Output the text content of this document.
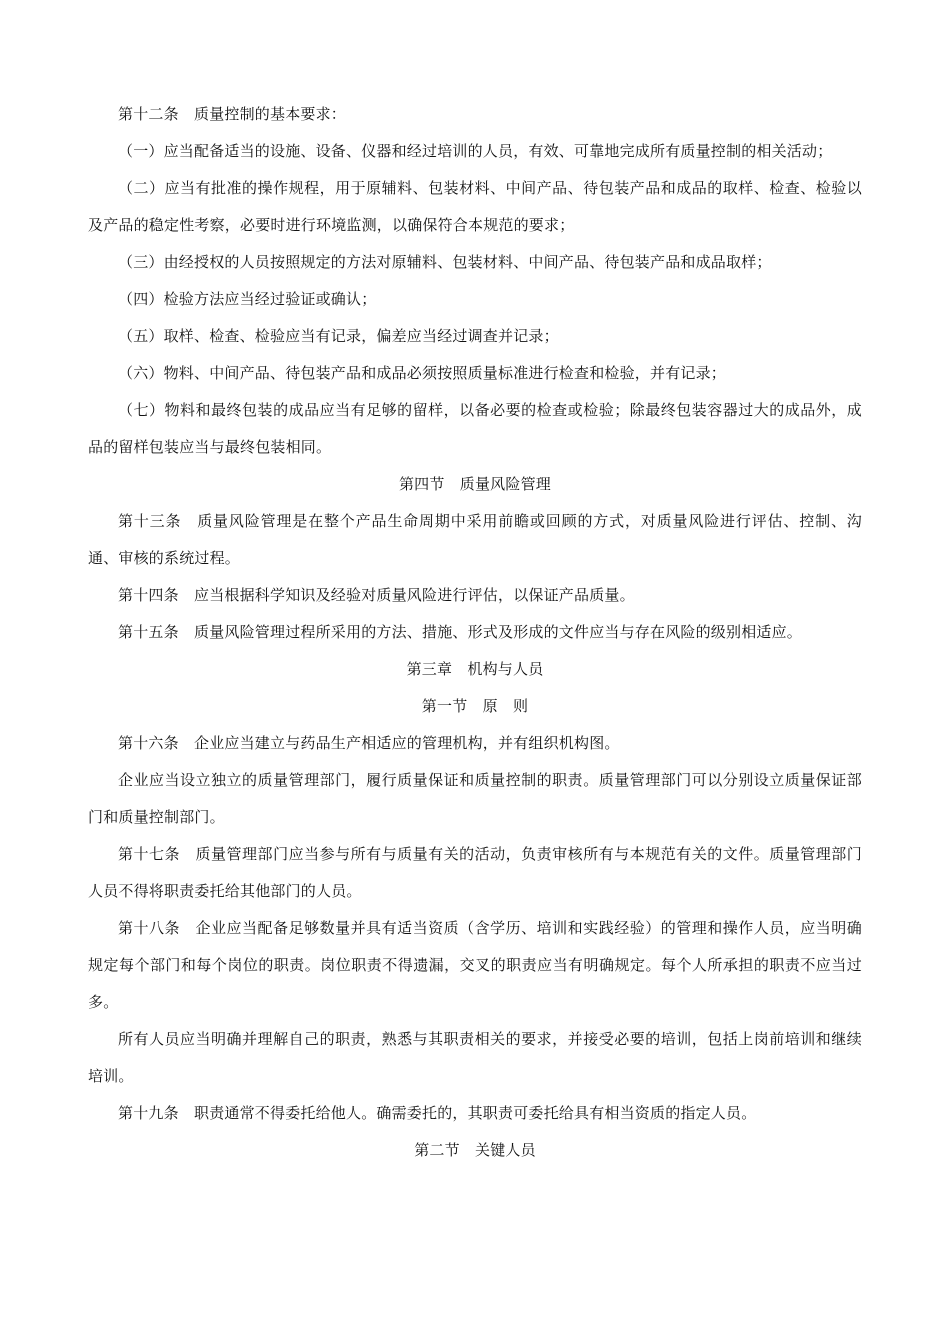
第十二条　质量控制的基本要求：

（一）应当配备适当的设施、设备、仪器和经过培训的人员，有效、可靠地完成所有质量控制的相关活动；

（二）应当有批准的操作规程，用于原辅料、包装材料、中间产品、待包装产品和成品的取样、检查、检验以及产品的稳定性考察，必要时进行环境监测，以确保符合本规范的要求；

（三）由经授权的人员按照规定的方法对原辅料、包装材料、中间产品、待包装产品和成品取样；

（四）检验方法应当经过验证或确认；

（五）取样、检查、检验应当有记录，偏差应当经过调查并记录；

（六）物料、中间产品、待包装产品和成品必须按照质量标准进行检查和检验，并有记录；

（七）物料和最终包装的成品应当有足够的留样，以备必要的检查或检验；除最终包装容器过大的成品外，成品的留样包装应当与最终包装相同。

第四节　质量风险管理

第十三条　质量风险管理是在整个产品生命周期中采用前瞻或回顾的方式，对质量风险进行评估、控制、沟通、审核的系统过程。

第十四条　应当根据科学知识及经验对质量风险进行评估，以保证产品质量。

第十五条　质量风险管理过程所采用的方法、措施、形式及形成的文件应当与存在风险的级别相适应。

第三章　机构与人员

第一节　原　则

第十六条　企业应当建立与药品生产相适应的管理机构，并有组织机构图。

企业应当设立独立的质量管理部门，履行质量保证和质量控制的职责。质量管理部门可以分别设立质量保证部门和质量控制部门。

第十七条　质量管理部门应当参与所有与质量有关的活动，负责审核所有与本规范有关的文件。质量管理部门人员不得将职责委托给其他部门的人员。

第十八条　企业应当配备足够数量并具有适当资质（含学历、培训和实践经验）的管理和操作人员，应当明确规定每个部门和每个岗位的职责。岗位职责不得遗漏，交叉的职责应当有明确规定。每个人所承担的职责不应当过多。

所有人员应当明确并理解自己的职责，熟悉与其职责相关的要求，并接受必要的培训，包括上岗前培训和继续培训。

第十九条　职责通常不得委托给他人。确需委托的，其职责可委托给具有相当资质的指定人员。

第二节　关键人员
